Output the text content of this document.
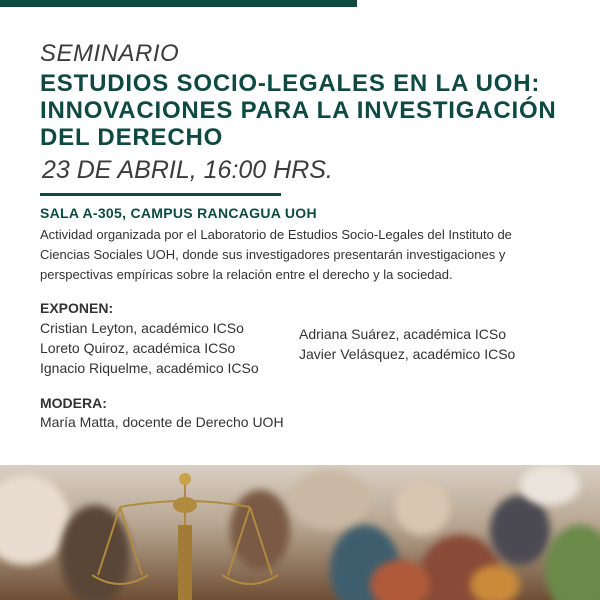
SEMINARIO
ESTUDIOS SOCIO-LEGALES EN LA UOH:
INNOVACIONES PARA LA INVESTIGACIÓN
DEL DERECHO
23 DE ABRIL, 16:00 HRS.
SALA A-305, CAMPUS RANCAGUA UOH
Actividad organizada por el Laboratorio de Estudios Socio-Legales del Instituto de
Ciencias Sociales UOH, donde sus investigadores presentarán investigaciones y
perspectivas empíricas sobre la relación entre el derecho y la sociedad.
EXPONEN:
Cristian Leyton, académico ICSo
Loreto Quiroz, académica ICSo
Ignacio Riquelme, académico ICSo
Adriana Suárez, académica ICSo
Javier Velásquez, académico ICSo
MODERA:
María Matta, docente de Derecho UOH
